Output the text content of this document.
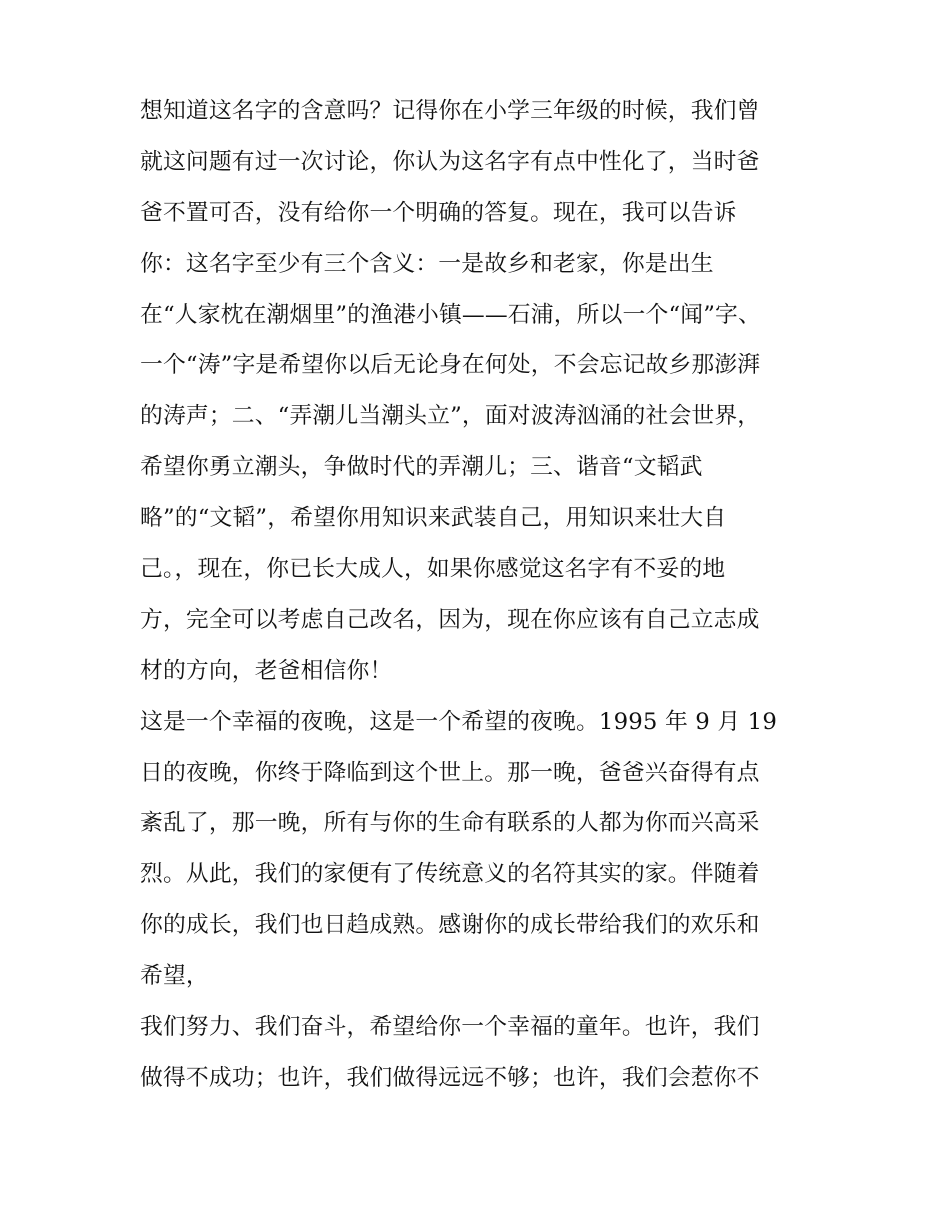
想知道这名字的含意吗？记得你在小学三年级的时候，我们曾
就这问题有过一次讨论，你认为这名字有点中性化了，当时爸
爸不置可否，没有给你一个明确的答复。现在，我可以告诉
你：这名字至少有三个含义：一是故乡和老家，你是出生
在“人家枕在潮烟里”的渔港小镇——石浦，所以一个“闻”字、
一个“涛”字是希望你以后无论身在何处，不会忘记故乡那澎湃
的涛声；二、“弄潮儿当潮头立”，面对波涛汹涌的社会世界，
希望你勇立潮头，争做时代的弄潮儿；三、谐音“文韬武
略”的“文韬”，希望你用知识来武装自己，用知识来壮大自
己。，现在，你已长大成人，如果你感觉这名字有不妥的地
方，完全可以考虑自己改名，因为，现在你应该有自己立志成
材的方向，老爸相信你！
这是一个幸福的夜晚，这是一个希望的夜晚。1995 年 9 月 19
日的夜晚，你终于降临到这个世上。那一晚，爸爸兴奋得有点
紊乱了，那一晚，所有与你的生命有联系的人都为你而兴高采
烈。从此，我们的家便有了传统意义的名符其实的家。伴随着
你的成长，我们也日趋成熟。感谢你的成长带给我们的欢乐和
希望，
我们努力、我们奋斗，希望给你一个幸福的童年。也许，我们
做得不成功；也许，我们做得远远不够；也许，我们会惹你不
